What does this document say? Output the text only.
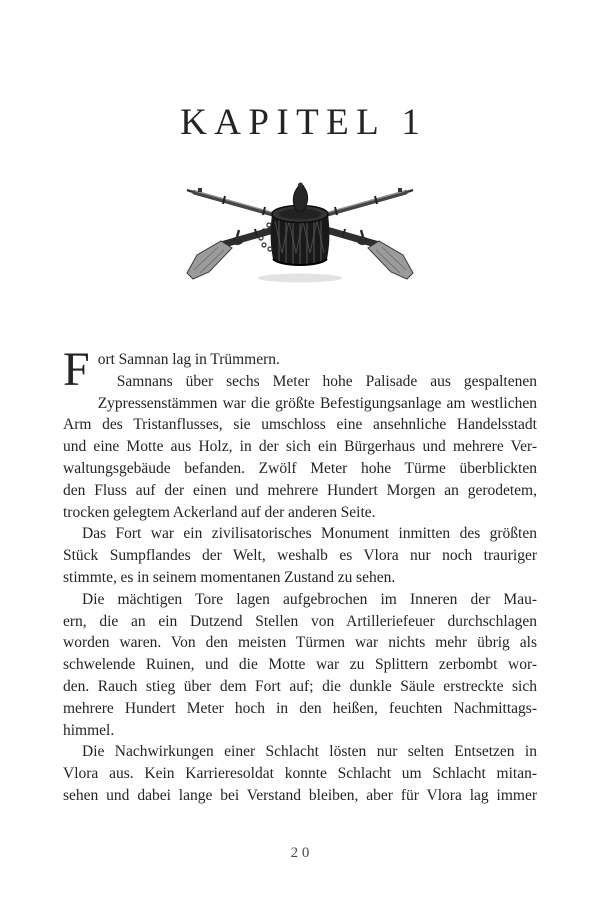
KAPITEL 1
F ort Samnan lag in Trümmern.
Samnans über sechs Meter hohe Palisade aus gespaltenen
Zypressenstämmen war die größte Befestigungsanlage am westlichen
Arm des Tristanflusses, sie umschloss eine ansehnliche Handelsstadt
und eine Motte aus Holz, in der sich ein Bürgerhaus und mehrere Ver-
waltungsgebäude befanden. Zwölf Meter hohe Türme überblickten
den Fluss auf der einen und mehrere Hundert Morgen an gerodetem,
trocken gelegtem Ackerland auf der anderen Seite.
Das Fort war ein zivilisatorisches Monument inmitten des größten
Stück Sumpflandes der Welt, weshalb es Vlora nur noch trauriger
stimmte, es in seinem momentanen Zustand zu sehen.
Die mächtigen Tore lagen aufgebrochen im Inneren der Mau-
ern, die an ein Dutzend Stellen von Artilleriefeuer durchschlagen
worden waren. Von den meisten Türmen war nichts mehr übrig als
schwelende Ruinen, und die Motte war zu Splittern zerbombt wor-
den. Rauch stieg über dem Fort auf; die dunkle Säule erstreckte sich
mehrere Hundert Meter hoch in den heißen, feuchten Nachmittags-
himmel.
Die Nachwirkungen einer Schlacht lösten nur selten Entsetzen in
Vlora aus. Kein Karrieresoldat konnte Schlacht um Schlacht mitan-
sehen und dabei lange bei Verstand bleiben, aber für Vlora lag immer
20
